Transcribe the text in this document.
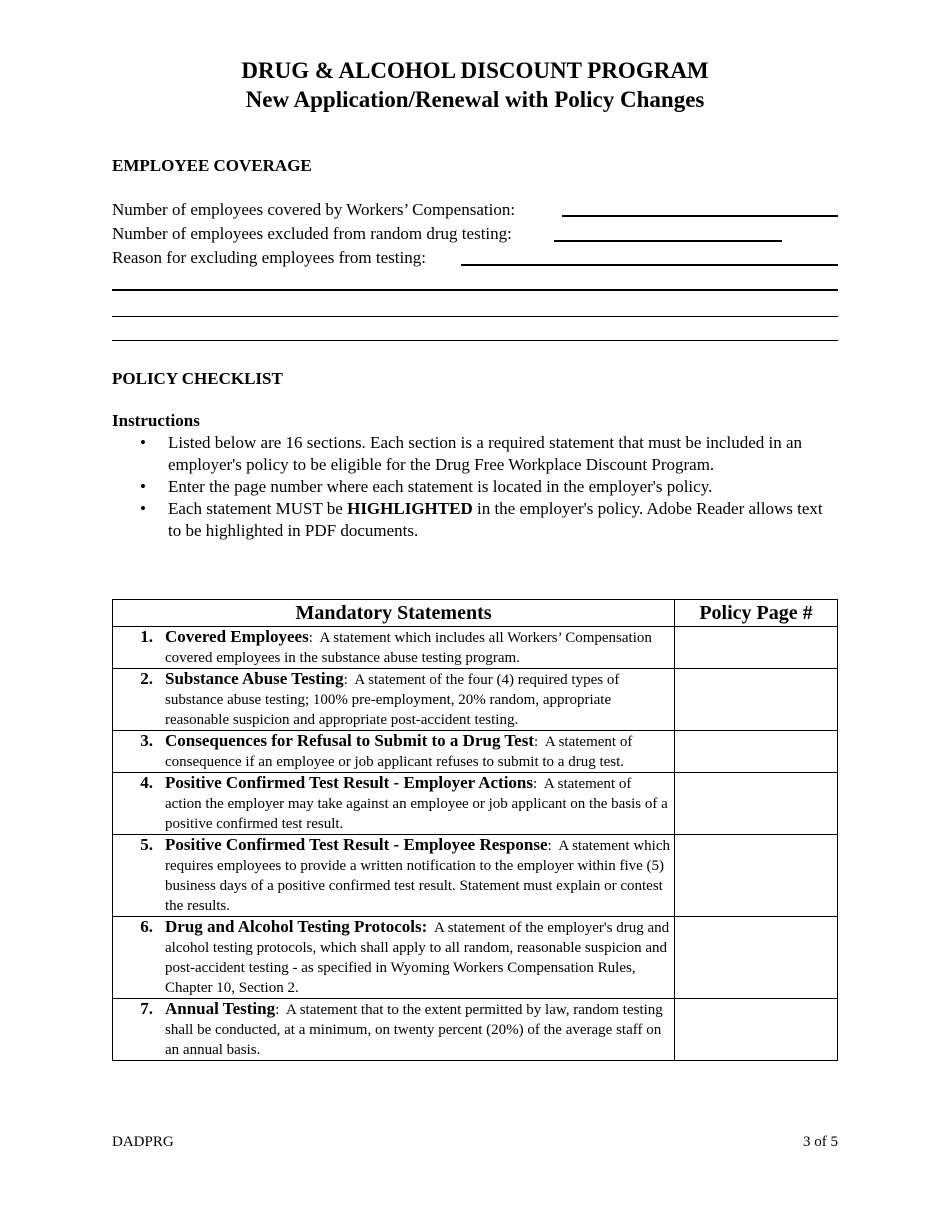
DRUG & ALCOHOL DISCOUNT PROGRAM
New Application/Renewal with Policy Changes
EMPLOYEE COVERAGE
Number of employees covered by Workers’ Compensation:
Number of employees excluded from random drug testing:
Reason for excluding employees from testing:
POLICY CHECKLIST
Instructions
• Listed below are 16 sections. Each section is a required statement that must be included in an employer's policy to be eligible for the Drug Free Workplace Discount Program.
• Enter the page number where each statement is located in the employer's policy.
• Each statement MUST be HIGHLIGHTED in the employer's policy. Adobe Reader allows text to be highlighted in PDF documents.
Mandatory Statements	Policy Page #

1. Covered Employees:  A statement which includes all Workers’ Compensation covered employees in the substance abuse testing program.	

2. Substance Abuse Testing:  A statement of the four (4) required types of substance abuse testing; 100% pre-employment, 20% random, appropriate reasonable suspicion and appropriate post-accident testing.	

3. Consequences for Refusal to Submit to a Drug Test:  A statement of consequence if an employee or job applicant refuses to submit to a drug test.	

4. Positive Confirmed Test Result - Employer Actions:  A statement of action the employer may take against an employee or job applicant on the basis of a positive confirmed test result.	

5. Positive Confirmed Test Result - Employee Response:  A statement which requires employees to provide a written notification to the employer within five (5) business days of a positive confirmed test result. Statement must explain or contest the results.	

6. Drug and Alcohol Testing Protocols: A statement of the employer's drug and alcohol testing protocols, which shall apply to all random, reasonable suspicion and post-accident testing - as specified in Wyoming Workers Compensation Rules, Chapter 10, Section 2.	

7. Annual Testing:  A statement that to the extent permitted by law, random testing shall be conducted, at a minimum, on twenty percent (20%) of the average staff on an annual basis.	

DADPRG	3 of 5
